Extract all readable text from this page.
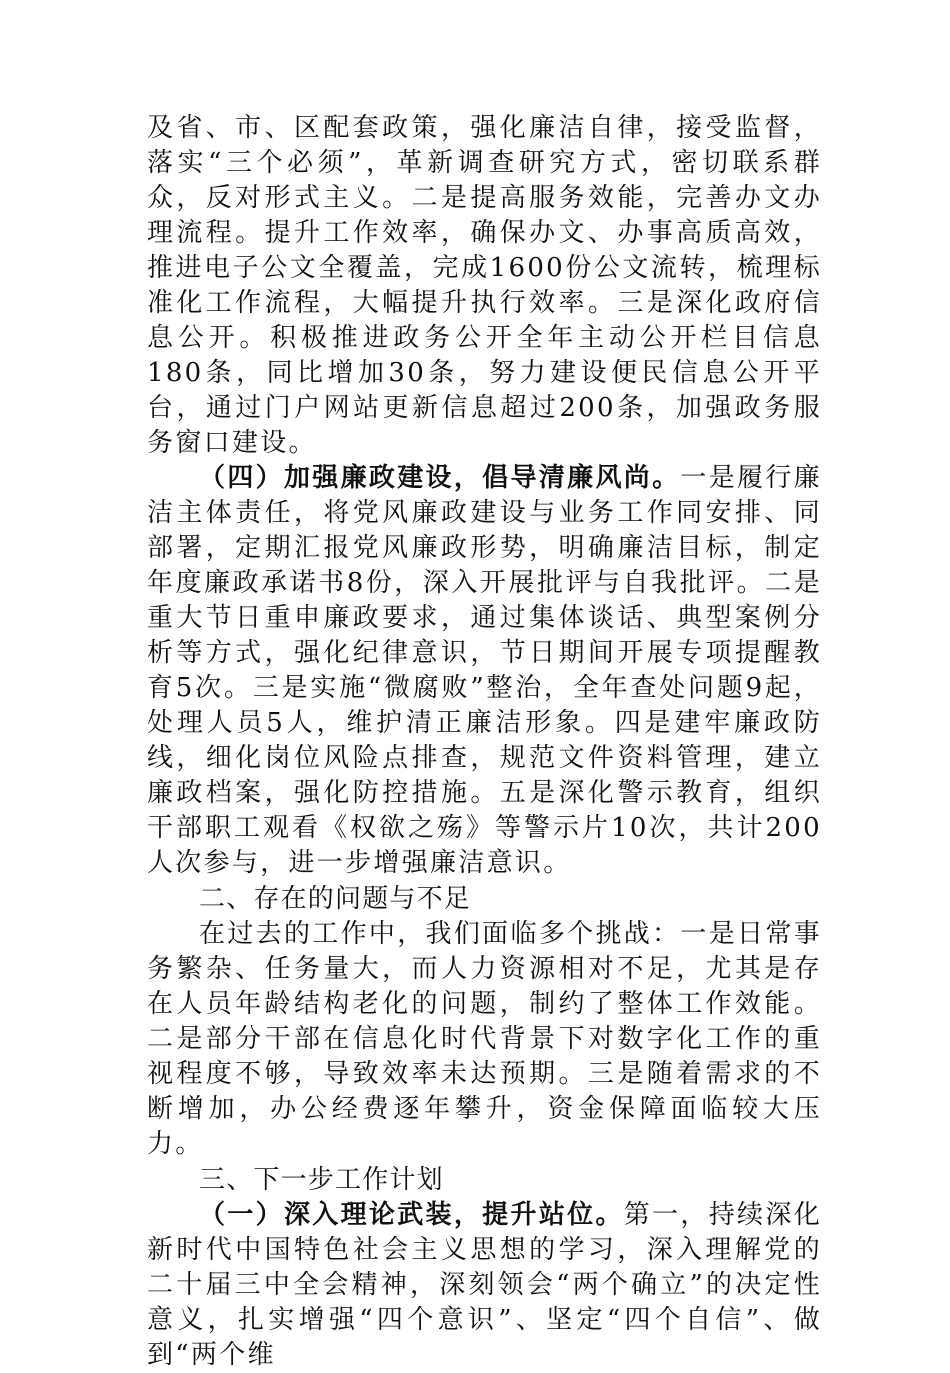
及省、市、区配套政策，强化廉洁自律，接受监督，落实“三个必须”，革新调查研究方式，密切联系群众，反对形式主义。二是提高服务效能，完善办文办理流程。提升工作效率，确保办文、办事高质高效，推进电子公文全覆盖，完成1600份公文流转，梳理标准化工作流程，大幅提升执行效率。三是深化政府信息公开。积极推进政务公开全年主动公开栏目信息180条，同比增加30条，努力建设便民信息公开平台，通过门户网站更新信息超过200条，加强政务服务窗口建设。

（四）加强廉政建设，倡导清廉风尚。一是履行廉洁主体责任，将党风廉政建设与业务工作同安排、同部署，定期汇报党风廉政形势，明确廉洁目标，制定年度廉政承诺书8份，深入开展批评与自我批评。二是重大节日重申廉政要求，通过集体谈话、典型案例分析等方式，强化纪律意识，节日期间开展专项提醒教育5次。三是实施“微腐败”整治，全年查处问题9起，处理人员5人，维护清正廉洁形象。四是建牢廉政防线，细化岗位风险点排查，规范文件资料管理，建立廉政档案，强化防控措施。五是深化警示教育，组织干部职工观看《权欲之殇》等警示片10次，共计200人次参与，进一步增强廉洁意识。

二、存在的问题与不足

在过去的工作中，我们面临多个挑战：一是日常事务繁杂、任务量大，而人力资源相对不足，尤其是存在人员年龄结构老化的问题，制约了整体工作效能。二是部分干部在信息化时代背景下对数字化工作的重视程度不够，导致效率未达预期。三是随着需求的不断增加，办公经费逐年攀升，资金保障面临较大压力。

三、下一步工作计划

（一）深入理论武装，提升站位。第一，持续深化新时代中国特色社会主义思想的学习，深入理解党的二十届三中全会精神，深刻领会“两个确立”的决定性意义，扎实增强“四个意识”、坚定“四个自信”、做到“两个维
